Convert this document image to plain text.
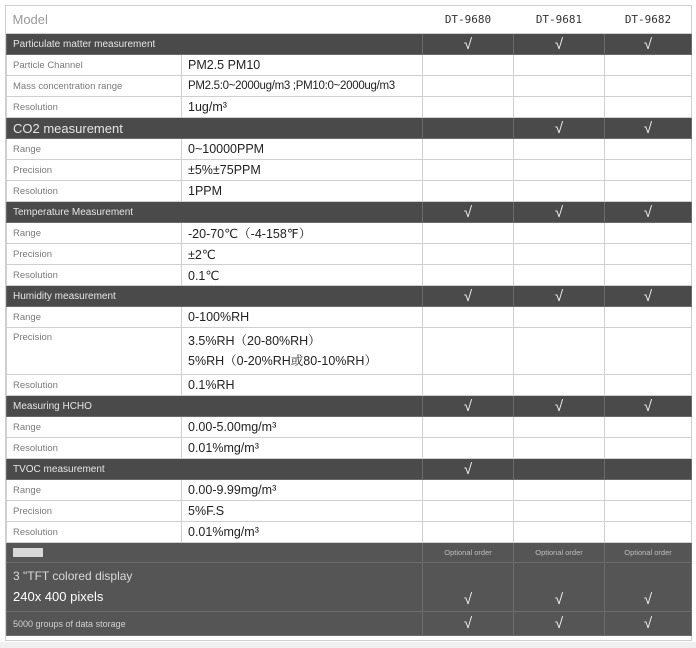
Model		DT-9680	DT-9681	DT-9682
Particulate matter measurement		√	√	√
Particle Channel	PM2.5 PM10			
Mass concentration range	PM2.5:0~2000ug/m3 ;PM10:0~2000ug/m3			
Resolution	1ug/m³			
CO2 measurement			√	√
Range	0~10000PPM			
Precision	±5%±75PPM			
Resolution	1PPM			
Temperature Measurement		√	√	√
Range	-20-70℃（-4-158℉）			
Precision	±2℃			
Resolution	0.1℃			
Humidity measurement		√	√	√
Range	0-100%RH			
Precision	3.5%RH（20-80%RH）
5%RH（0-20%RH或80-10%RH）			

Resolution	0.1%RH			
Measuring HCHO		√	√	√
Range	0.00-5.00mg/m³			
Resolution	0.01%mg/m³			
TVOC measurement		√		
Range	0.00-9.99mg/m³			
Precision	5%F.S			
Resolution	0.01%mg/m³			
		Optional order	Optional order	Optional order

3 "TFT colored display
240x 400 pixels		√	√	√
5000 groups of data storage		√	√	√
